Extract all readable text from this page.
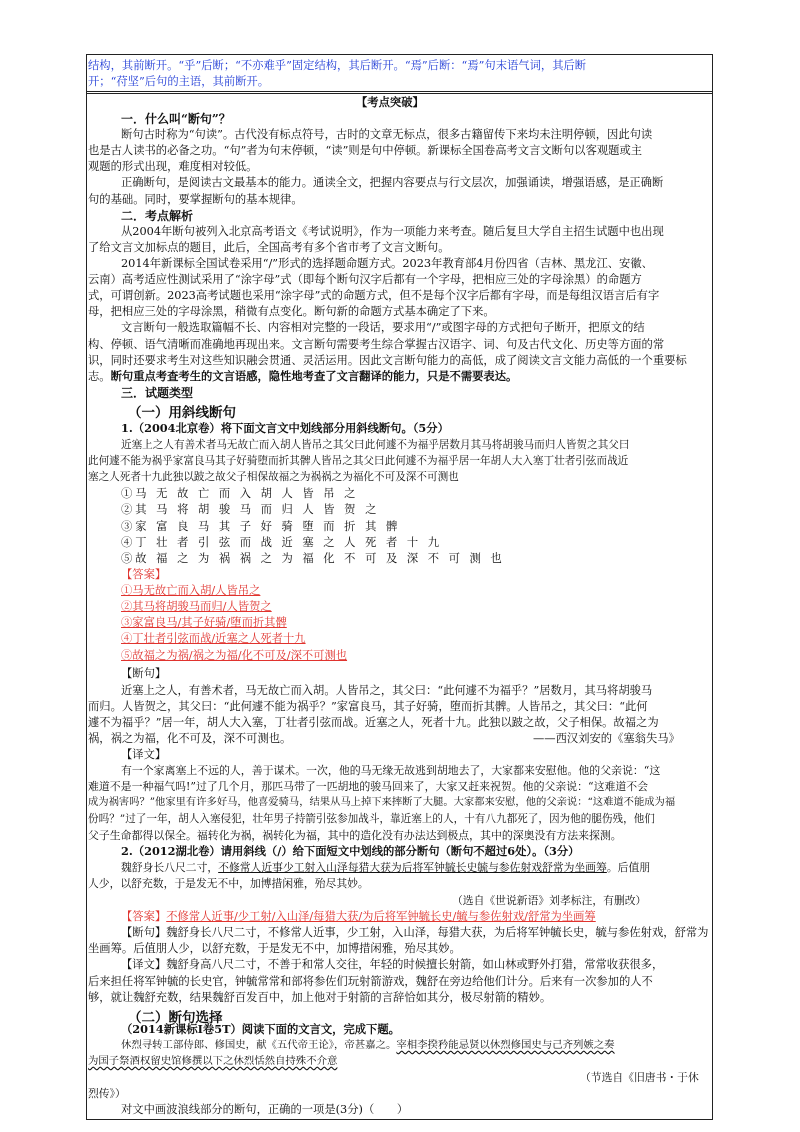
结构，其前断开。“乎”后断；“不亦难乎”固定结构，其后断开。“焉”后断：“焉”句末语气词，其后断
开；“苻坚”后句的主语，其前断开。
【考点突破】
一．什么叫“断句”？
断句古时称为“句读”。古代没有标点符号，古时的文章无标点，很多古籍留传下来均未注明停顿，因此句读
也是古人读书的必备之功。“句”者为句末停顿，“读”则是句中停顿。新课标全国卷高考文言文断句以客观题或主
观题的形式出现，难度相对较低。
正确断句，是阅读古文最基本的能力。通读全文，把握内容要点与行文层次，加强诵读，增强语感，是正确断
句的基础。同时，要掌握断句的基本规律。
二．考点解析
从2004年断句被列入北京高考语文《考试说明》，作为一项能力来考查。随后复旦大学自主招生试题中也出现
了给文言文加标点的题目，此后，全国高考有多个省市考了文言文断句。
2014年新课标全国试卷采用“/”形式的选择题命题方式。2023年教育部4月份四省（吉林、黑龙江、安徽、
云南）高考适应性测试采用了“涂字母”式（即每个断句汉字后都有一个字母，把相应三处的字母涂黑）的命题方
式，可谓创新。2023高考试题也采用“涂字母”式的命题方式，但不是每个汉字后都有字母，而是每组汉语言后有字
母，把相应三处的字母涂黑，稍微有点变化。断句新的命题方式基本确定了下来。
文言断句一般选取篇幅不长、内容相对完整的一段话，要求用“/”或图字母的方式把句子断开，把原文的结
构、停顿、语气清晰而准确地再现出来。文言断句需要考生综合掌握古汉语字、词、句及古代文化、历史等方面的常
识，同时还要求考生对这些知识融会贯通、灵活运用。因此文言断句能力的高低，成了阅读文言文能力高低的一个重要标
志。断句重点考查考生的文言语感，隐性地考查了文言翻译的能力，只是不需要表达。
三．试题类型
（一）用斜线断句
1.（2004北京卷）将下面文言文中划线部分用斜线断句。（5分）
近塞上之人有善术者马无故亡而入胡人皆吊之其父曰此何遽不为福乎居数月其马将胡骏马而归人皆贺之其父曰
此何遽不能为祸乎家富良马其子好骑堕而折其髀人皆吊之其父曰此何遽不为福乎居一年胡人大入塞丁壮者引弦而战近
塞之人死者十九此独以跛之故父子相保故福之为祸祸之为福化不可及深不可测也
①马 无 故 亡 而 入 胡 人 皆 吊 之
②其 马 将 胡 骏 马 而 归 人 皆 贺 之
③家 富 良 马 其 子 好 骑 堕 而 折 其 髀
④丁 壮 者 引 弦 而 战 近 塞 之 人 死 者 十 九
⑤故 福 之 为 祸 祸 之 为 福 化 不 可 及 深 不 可 测 也
【答案】
①马无故亡而入胡/人皆吊之
②其马将胡骏马而归/人皆贺之
③家富良马/其子好骑/堕而折其髀
④丁壮者引弦而战/近塞之人死者十九
⑤故福之为祸/祸之为福/化不可及/深不可测也
【断句】
近塞上之人，有善术者，马无故亡而入胡。人皆吊之，其父曰：“此何遽不为福乎？”居数月，其马将胡骏马
而归。人皆贺之，其父曰：“此何遽不能为祸乎？”家富良马，其子好骑，堕而折其髀。人皆吊之，其父曰：“此何
遽不为福乎？”居一年，胡人大入塞，丁壮者引弦而战。近塞之人，死者十九。此独以跛之故，父子相保。故福之为
祸，祸之为福，化不可及，深不可测也。	——西汉刘安的《塞翁失马》
【译文】
有一个家离塞上不远的人，善于谋术。一次，他的马无缘无故逃到胡地去了，大家都来安慰他。他的父亲说：“这
难道不是一种福气吗!”过了几个月，那匹马带了一匹胡地的骏马回来了，大家又赶来祝贺。他的父亲说：“这难道不会
成为祸害吗？”他家里有许多好马，他喜爱骑马，结果从马上掉下来摔断了大腿。大家都来安慰，他的父亲说：“这难道不能成为福
份吗？”过了一年，胡人入塞侵犯，壮年男子持箭引弦参加战斗，靠近塞上的人，十有八九都死了，因为他的腿伤残，他们
父子生命都得以保全。福转化为祸，祸转化为福，其中的造化没有办法达到极点，其中的深奥没有方法来探测。
2.（2012湖北卷）请用斜线（/）给下面短文中划线的部分断句（断句不超过6处）。（3分）
魏舒身长八尺二寸，不修常人近事少工射入山泽每猎大获为后将军钟毓长史毓与参佐射戏舒常为坐画筹。后值朋
人少，以舒充数，于是发无不中，加博措闲雅，殆尽其妙。
（选自《世说新语》刘孝标注，有删改）
【答案】不修常人近事/少工射/入山泽/每猎大获/为后将军钟毓长史/毓与参佐射戏/舒常为坐画筹
【断句】魏舒身长八尺二寸，不修常人近事，少工射，入山泽，每猎大获，为后将军钟毓长史，毓与参佐射戏，舒常为
坐画筹。后值朋人少，以舒充数，于是发无不中，加博措闲雅，殆尽其妙。
【译文】魏舒身高八尺二寸，不善于和常人交往，年轻的时候擅长射箭，如山林或野外打猎，常常收获很多，
后来担任将军钟毓的长史官，钟毓常常和部将参佐们玩射箭游戏，魏舒在旁边给他们计分。后来有一次参加的人不
够，就让魏舒充数，结果魏舒百发百中，加上他对于射箭的言辞恰如其分，极尽射箭的精妙。
（二）断句选择
（2014新课标Ⅰ卷5T）阅读下面的文言文，完成下题。
休烈寻转工部侍郎、修国史，献《五代帝王论》，帝甚嘉之。宰相李揆矜能忌贤以休烈修国史与己齐列嫉之奏
为国子祭酒权留史馆修撰以下之休烈恬然自持殊不介意
（节选自《旧唐书・于休
烈传》）
对文中画波浪线部分的断句，正确的一项是(3分)（　　）
